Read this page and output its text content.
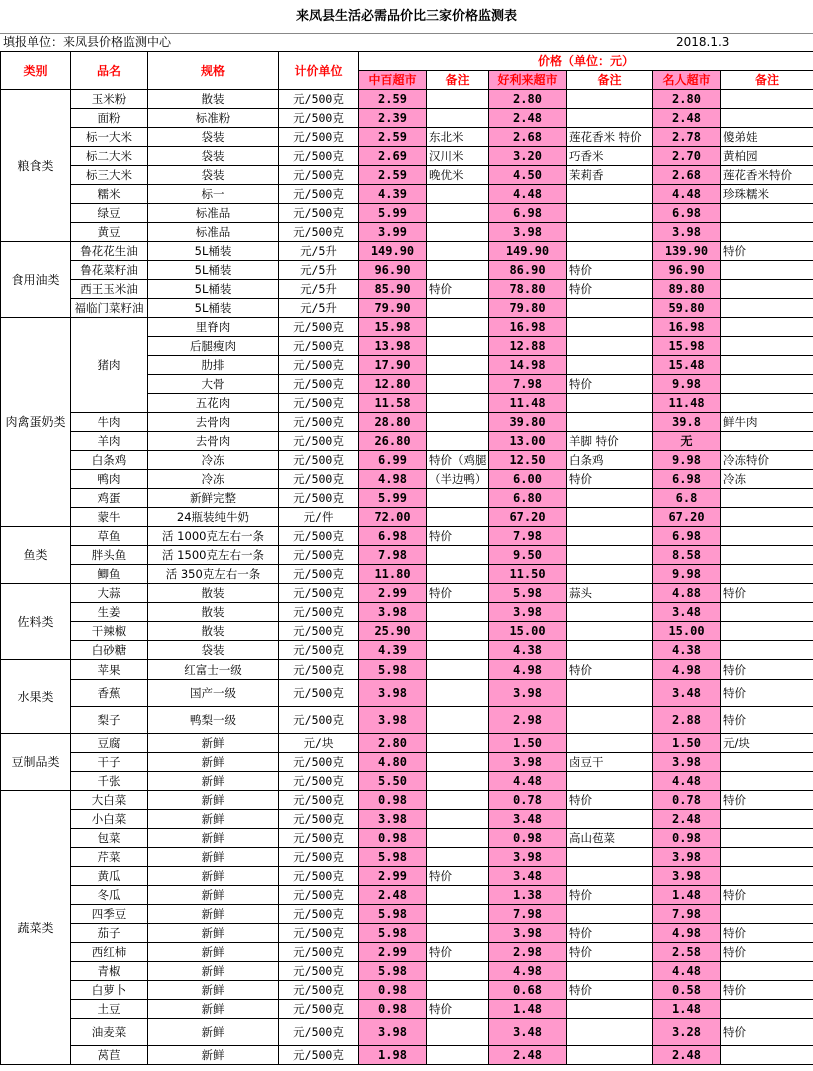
来凤县生活必需品价比三家价格监测表
填报单位：来凤县价格监测中心	2018.1.3
类别	品名	规格	计价单位	价格（单位：元）					
				中百超市	备注	好利来超市	备注	名人超市	备注
粮食类	玉米粉	散装	元/500克	2.59		2.80		2.80	
	面粉	标准粉	元/500克	2.39		2.48		2.48	
	标一大米	袋装	元/500克	2.59	东北米	2.68	莲花香米 特价	2.78	傻弟娃
	标二大米	袋装	元/500克	2.69	汉川米	3.20	巧香米	2.70	黄柏园
	标三大米	袋装	元/500克	2.59	晚优米	4.50	茉莉香	2.68	莲花香米特价
	糯米	标一	元/500克	4.39		4.48		4.48	珍珠糯米
	绿豆	标准品	元/500克	5.99		6.98		6.98	
	黄豆	标准品	元/500克	3.99		3.98		3.98	
食用油类	鲁花花生油	5L桶装	元/5升	149.90		149.90		139.90	特价
	鲁花菜籽油	5L桶装	元/5升	96.90		86.90	特价	96.90	
	西王玉米油	5L桶装	元/5升	85.90	特价	78.80	特价	89.80	
	福临门菜籽油	5L桶装	元/5升	79.90		79.80		59.80	
肉禽蛋奶类	猪肉	里脊肉	元/500克	15.98		16.98		16.98	
		后腿瘦肉	元/500克	13.98		12.88		15.98	
		肋排	元/500克	17.90		14.98		15.48	
		大骨	元/500克	12.80		7.98	特价	9.98	
		五花肉	元/500克	11.58		11.48		11.48	
	牛肉	去骨肉	元/500克	28.80		39.80		39.8	鲜牛肉
	羊肉	去骨肉	元/500克	26.80		13.00	羊脚 特价	无	
	白条鸡	冷冻	元/500克	6.99	特价（鸡腿	12.50	白条鸡	9.98	冷冻特价
	鸭肉	冷冻	元/500克	4.98	（半边鸭）	6.00	特价	6.98	冷冻
	鸡蛋	新鲜完整	元/500克	5.99		6.80		6.8	
	蒙牛	24瓶装纯牛奶	元/件	72.00		67.20		67.20	
鱼类	草鱼	活 1000克左右一条	元/500克	6.98	特价	7.98		6.98	
	胖头鱼	活 1500克左右一条	元/500克	7.98		9.50		8.58	
	鲫鱼	活 350克左右一条	元/500克	11.80		11.50		9.98	
佐料类	大蒜	散装	元/500克	2.99	特价	5.98	蒜头	4.88	特价
	生姜	散装	元/500克	3.98		3.98		3.48	
	干辣椒	散装	元/500克	25.90		15.00		15.00	
	白砂糖	袋装	元/500克	4.39		4.38		4.38	
水果类	苹果	红富士一级	元/500克	5.98		4.98	特价	4.98	特价
	香蕉	国产一级	元/500克	3.98		3.98		3.48	特价
	梨子	鸭梨一级	元/500克	3.98		2.98		2.88	特价
豆制品类	豆腐	新鲜	元/块	2.80		1.50		1.50	元/块
	干子	新鲜	元/500克	4.80		3.98	卤豆干	3.98	
	千张	新鲜	元/500克	5.50		4.48		4.48	
蔬菜类	大白菜	新鲜	元/500克	0.98		0.78	特价	0.78	特价
	小白菜	新鲜	元/500克	3.98		3.48		2.48	
	包菜	新鲜	元/500克	0.98		0.98	高山苞菜	0.98	
	芹菜	新鲜	元/500克	5.98		3.98		3.98	
	黄瓜	新鲜	元/500克	2.99	特价	3.48		3.98	
	冬瓜	新鲜	元/500克	2.48		1.38	特价	1.48	特价
	四季豆	新鲜	元/500克	5.98		7.98		7.98	
	茄子	新鲜	元/500克	5.98		3.98	特价	4.98	特价
	西红柿	新鲜	元/500克	2.99	特价	2.98	特价	2.58	特价
	青椒	新鲜	元/500克	5.98		4.98		4.48	
	白萝卜	新鲜	元/500克	0.98		0.68	特价	0.58	特价
	土豆	新鲜	元/500克	0.98	特价	1.48		1.48	
	油麦菜	新鲜	元/500克	3.98		3.48		3.28	特价
	莴苣	新鲜	元/500克	1.98		2.48		2.48	
